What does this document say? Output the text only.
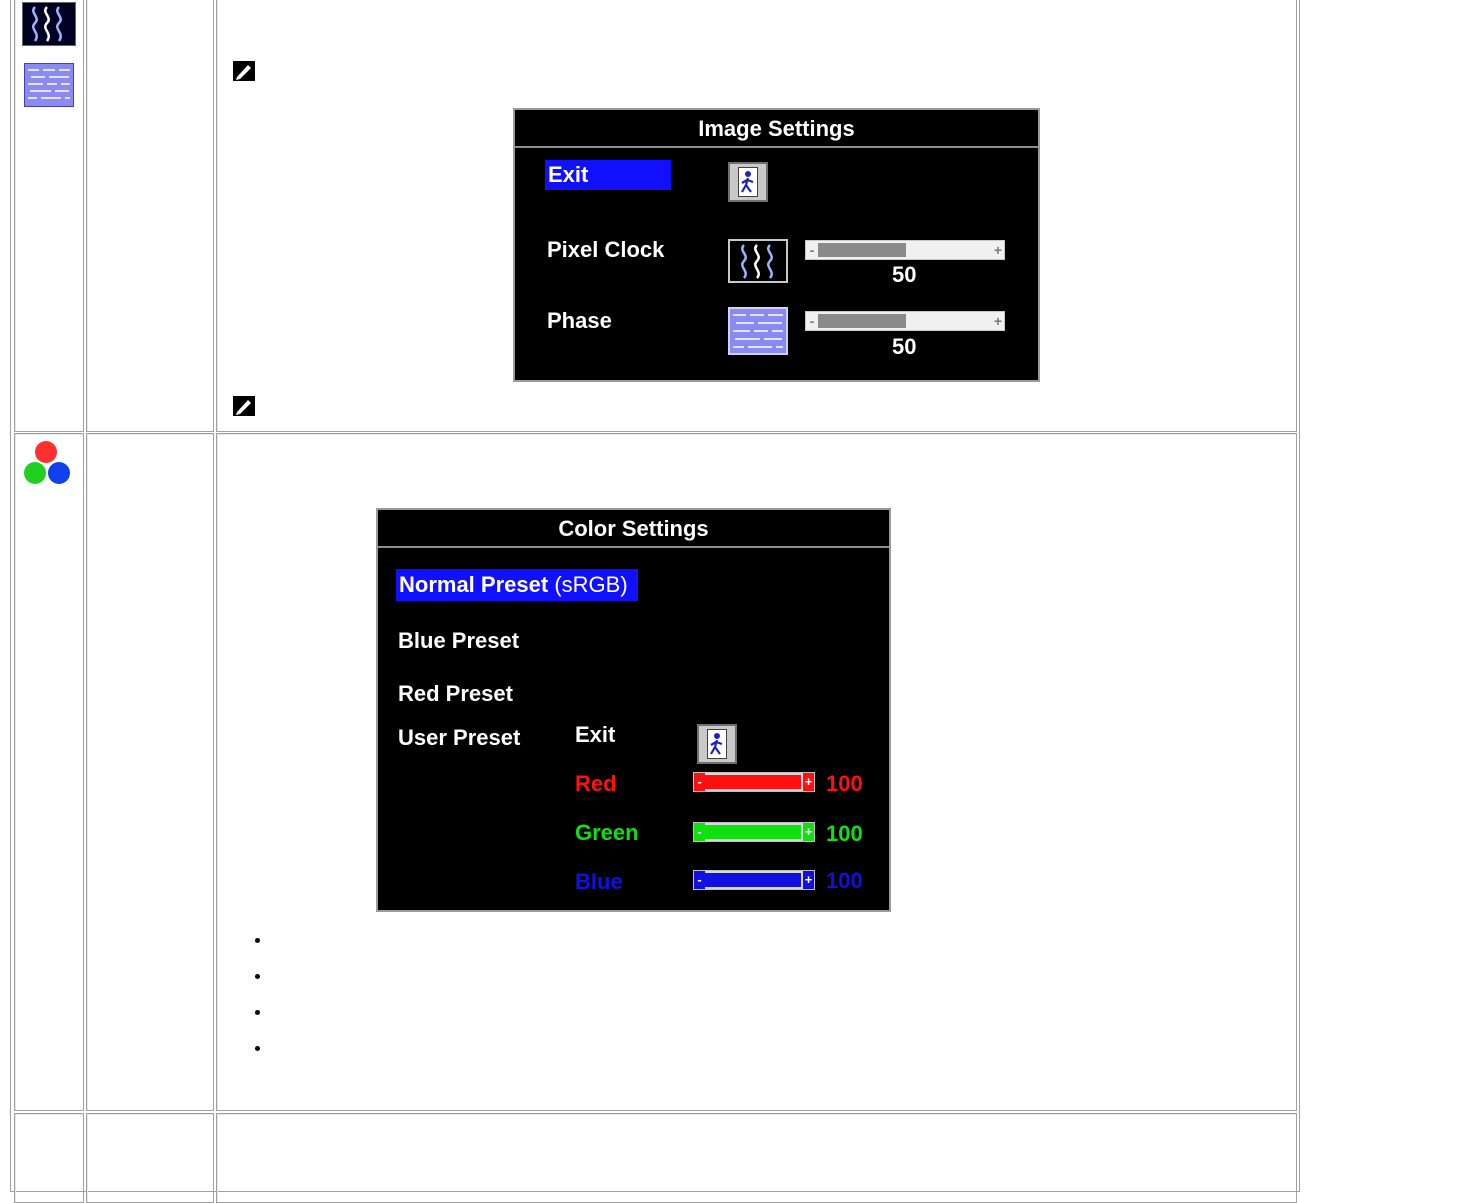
Image Settings
Exit
Pixel Clock	-	+
50
Phase	-	+
50
Color Settings
Normal Preset (sRGB)
Blue Preset
Red Preset
User Preset Exit
Red	-	+ 100
Green	-	+ 100
Blue	-	+ 100
